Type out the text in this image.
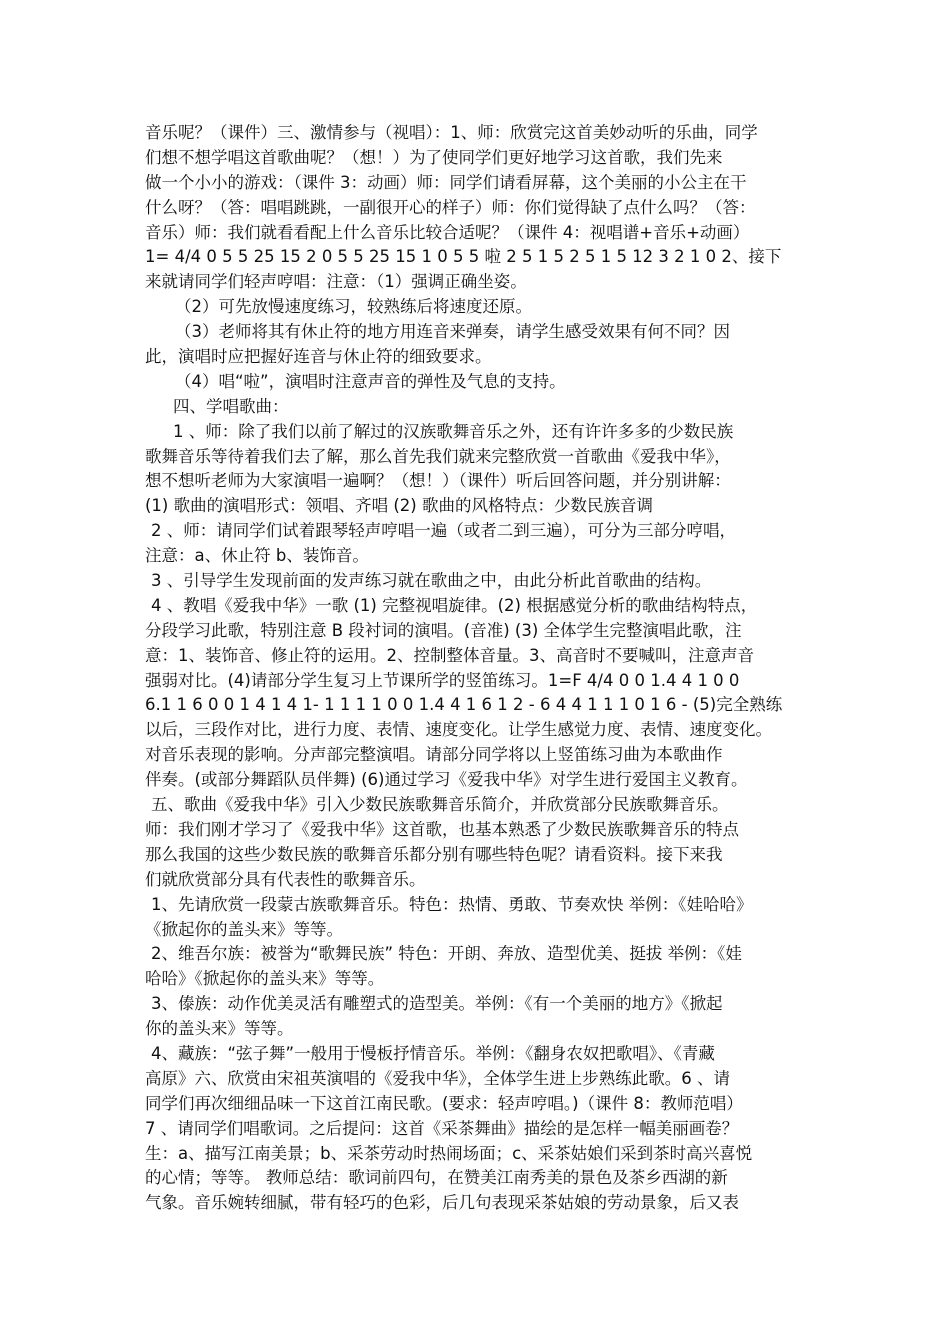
音乐呢？（课件）三、激情参与（视唱）：1、师：欣赏完这首美妙动听的乐曲，同学
们想不想学唱这首歌曲呢？（想！）为了使同学们更好地学习这首歌，我们先来
做一个小小的游戏：（课件 3：动画）师：同学们请看屏幕，这个美丽的小公主在干
什么呀？（答：唱唱跳跳，一副很开心的样子）师：你们觉得缺了点什么吗？（答：
音乐）师：我们就看看配上什么音乐比较合适呢？（课件 4：视唱谱+音乐+动画）
1= 4/4 0 5 5 25 15 2 0 5 5 25 15 1 0 5 5 啦 2 5 1 5 2 5 1 5 12 3 2 1 0 2、接下
来就请同学们轻声哼唱：注意：（1）强调正确坐姿。
（2）可先放慢速度练习，较熟练后将速度还原。
（3）老师将其有休止符的地方用连音来弹奏，请学生感受效果有何不同？因
此，演唱时应把握好连音与休止符的细致要求。
（4）唱“啦”，演唱时注意声音的弹性及气息的支持。
四、学唱歌曲：
1 、师：除了我们以前了解过的汉族歌舞音乐之外，还有许许多多的少数民族
歌舞音乐等待着我们去了解，那么首先我们就来完整欣赏一首歌曲《爱我中华》，
想不想听老师为大家演唱一遍啊？（想！）（课件）听后回答问题，并分别讲解：
(1) 歌曲的演唱形式：领唱、齐唱 (2) 歌曲的风格特点：少数民族音调
2 、师：请同学们试着跟琴轻声哼唱一遍（或者二到三遍），可分为三部分哼唱，
注意：a、休止符 b、装饰音。
3 、引导学生发现前面的发声练习就在歌曲之中，由此分析此首歌曲的结构。
4 、教唱《爱我中华》一歌 (1) 完整视唱旋律。(2) 根据感觉分析的歌曲结构特点，
分段学习此歌，特别注意 B 段衬词的演唱。(音准) (3) 全体学生完整演唱此歌，注
意：1、装饰音、修止符的运用。2、控制整体音量。3、高音时不要喊叫，注意声音
强弱对比。(4)请部分学生复习上节课所学的竖笛练习。1=F 4/4 0 0 1.4 4 1 0 0
6.1 1 6 0 0 1 4 1 4 1- 1 1 1 1 0 0 1.4 4 1 6 1 2 - 6 4 4 1 1 1 0 1 6 - (5)完全熟练
以后，三段作对比，进行力度、表情、速度变化。让学生感觉力度、表情、速度变化。
对音乐表现的影响。分声部完整演唱。请部分同学将以上竖笛练习曲为本歌曲作
伴奏。(或部分舞蹈队员伴舞) (6)通过学习《爱我中华》对学生进行爱国主义教育。
五、歌曲《爱我中华》引入少数民族歌舞音乐简介，并欣赏部分民族歌舞音乐。
师：我们刚才学习了《爱我中华》这首歌，也基本熟悉了少数民族歌舞音乐的特点
那么我国的这些少数民族的歌舞音乐都分别有哪些特色呢？请看资料。接下来我
们就欣赏部分具有代表性的歌舞音乐。
1、先请欣赏一段蒙古族歌舞音乐。特色：热情、勇敢、节奏欢快 举例：《娃哈哈》
《掀起你的盖头来》等等。
2、维吾尔族：被誉为“歌舞民族” 特色：开朗、奔放、造型优美、挺拔 举例：《娃
哈哈》《掀起你的盖头来》等等。
3、傣族：动作优美灵活有雕塑式的造型美。举例：《有一个美丽的地方》《掀起
你的盖头来》等等。
4、藏族：“弦子舞”一般用于慢板抒情音乐。举例：《翻身农奴把歌唱》、《青藏
高原》六、欣赏由宋祖英演唱的《爱我中华》，全体学生进上步熟练此歌。6 、请
同学们再次细细品味一下这首江南民歌。(要求：轻声哼唱。)（课件 8：教师范唱）
7 、请同学们唱歌词。之后提问：这首《采茶舞曲》描绘的是怎样一幅美丽画卷？
生：a、描写江南美景；b、采茶劳动时热闹场面；c、采茶姑娘们采到茶时高兴喜悦
的心情；等等。 教师总结：歌词前四句，在赞美江南秀美的景色及茶乡西湖的新
气象。音乐婉转细腻，带有轻巧的色彩，后几句表现采茶姑娘的劳动景象，后又表
